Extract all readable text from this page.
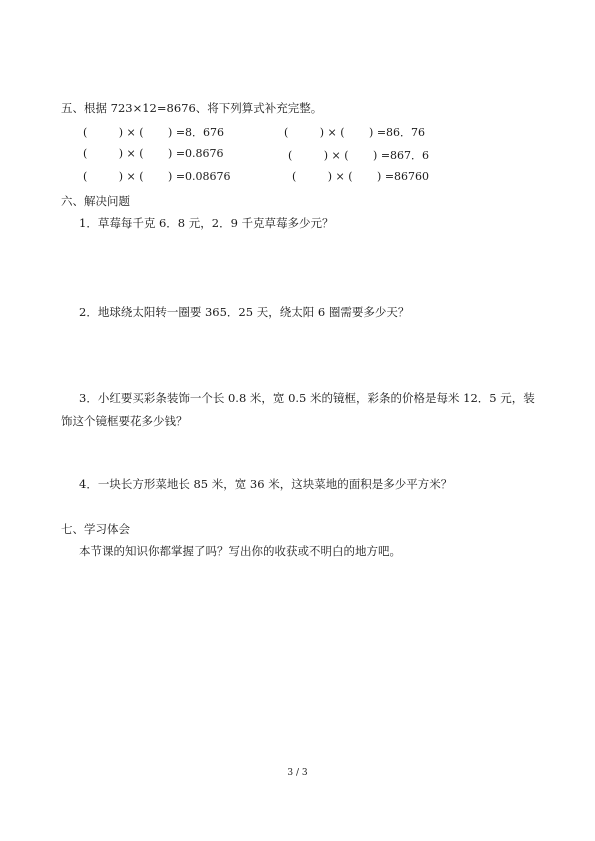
五、根据 723×12=8676、将下列算式补充完整。
(         ) × (       ) =8．676	(         ) × (       ) =86．76
(         ) × (       ) =0.8676	(         ) × (       ) =867．6
(         ) × (       ) =0.08676	(         ) × (       ) =86760
六、解决问题
1．草莓每千克 6．8 元，2．9 千克草莓多少元？
2．地球绕太阳转一圈要 365．25 天，绕太阳 6 圈需要多少天？
3．小红要买彩条装饰一个长 0.8 米，宽 0.5 米的镜框，彩条的价格是每米 12．5 元，装
饰这个镜框要花多少钱？
4．一块长方形菜地长 85 米，宽 36 米，这块菜地的面积是多少平方米？
七、学习体会
本节课的知识你都掌握了吗？写出你的收获或不明白的地方吧。
3 / 3
